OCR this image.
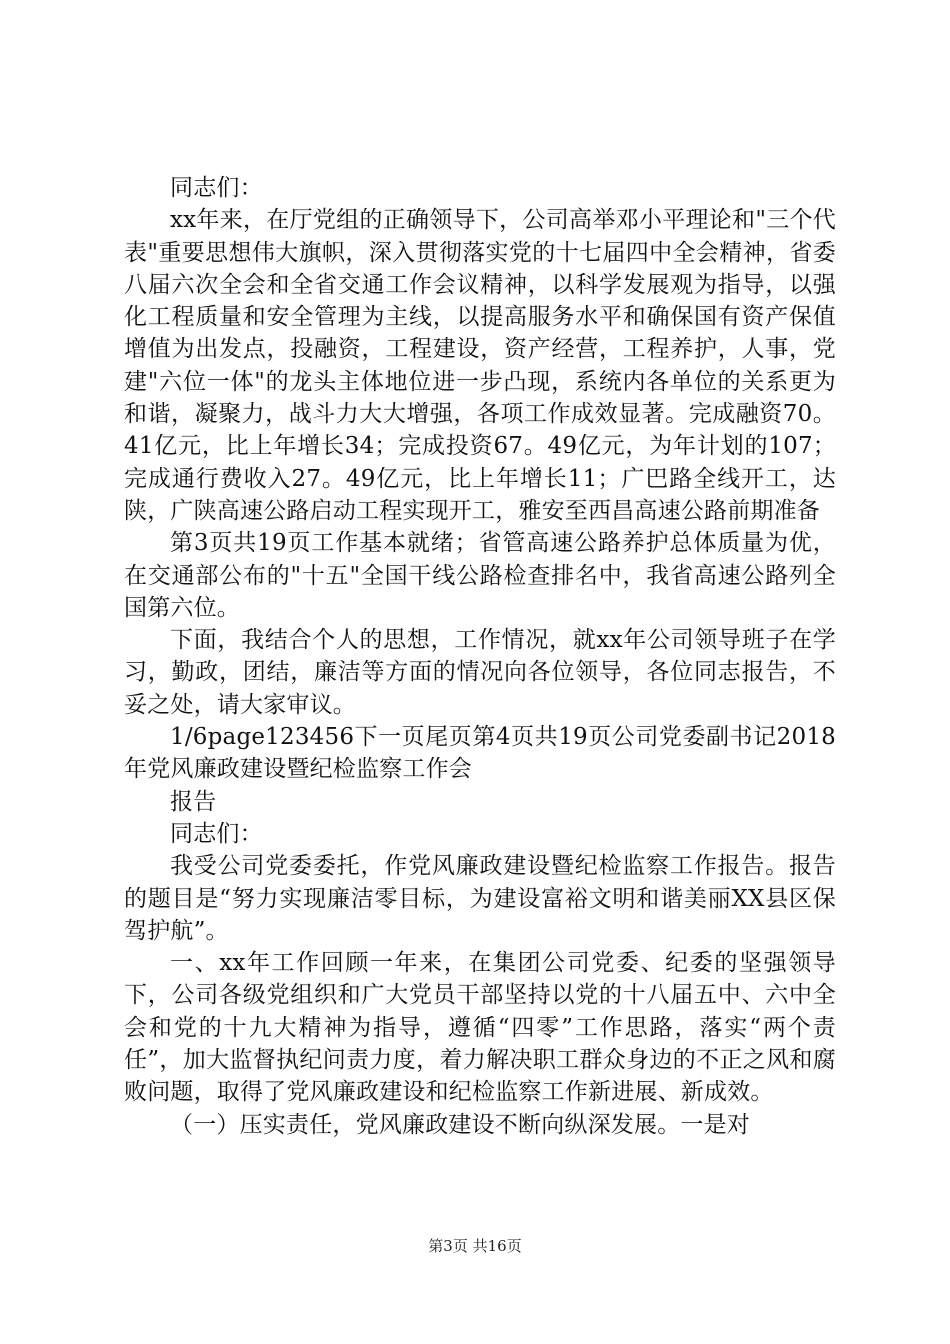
同志们：

xx年来，在厅党组的正确领导下，公司高举邓小平理论和"三个代表"重要思想伟大旗帜，深入贯彻落实党的十七届四中全会精神，省委八届六次全会和全省交通工作会议精神，以科学发展观为指导，以强化工程质量和安全管理为主线，以提高服务水平和确保国有资产保值增值为出发点，投融资，工程建设，资产经营，工程养护，人事，党建"六位一体"的龙头主体地位进一步凸现，系统内各单位的关系更为和谐，凝聚力，战斗力大大增强，各项工作成效显著。完成融资70。41亿元，比上年增长34；完成投资67。49亿元，为年计划的107；完成通行费收入27。49亿元，比上年增长11；广巴路全线开工，达陕，广陕高速公路启动工程实现开工，雅安至西昌高速公路前期准备

第3页共19页工作基本就绪；省管高速公路养护总体质量为优，在交通部公布的"十五"全国干线公路检查排名中，我省高速公路列全国第六位。

下面，我结合个人的思想，工作情况，就xx年公司领导班子在学习，勤政，团结，廉洁等方面的情况向各位领导，各位同志报告，不妥之处，请大家审议。

1/6page123456下一页尾页第4页共19页公司党委副书记2018年党风廉政建设暨纪检监察工作会

报告

同志们：

我受公司党委委托，作党风廉政建设暨纪检监察工作报告。报告的题目是“努力实现廉洁零目标，为建设富裕文明和谐美丽XX县区保驾护航”。

一、xx年工作回顾一年来，在集团公司党委、纪委的坚强领导下，公司各级党组织和广大党员干部坚持以党的十八届五中、六中全会和党的十九大精神为指导，遵循“四零”工作思路，落实“两个责任”，加大监督执纪问责力度，着力解决职工群众身边的不正之风和腐败问题，取得了党风廉政建设和纪检监察工作新进展、新成效。

（一）压实责任，党风廉政建设不断向纵深发展。一是对

第3页 共16页
